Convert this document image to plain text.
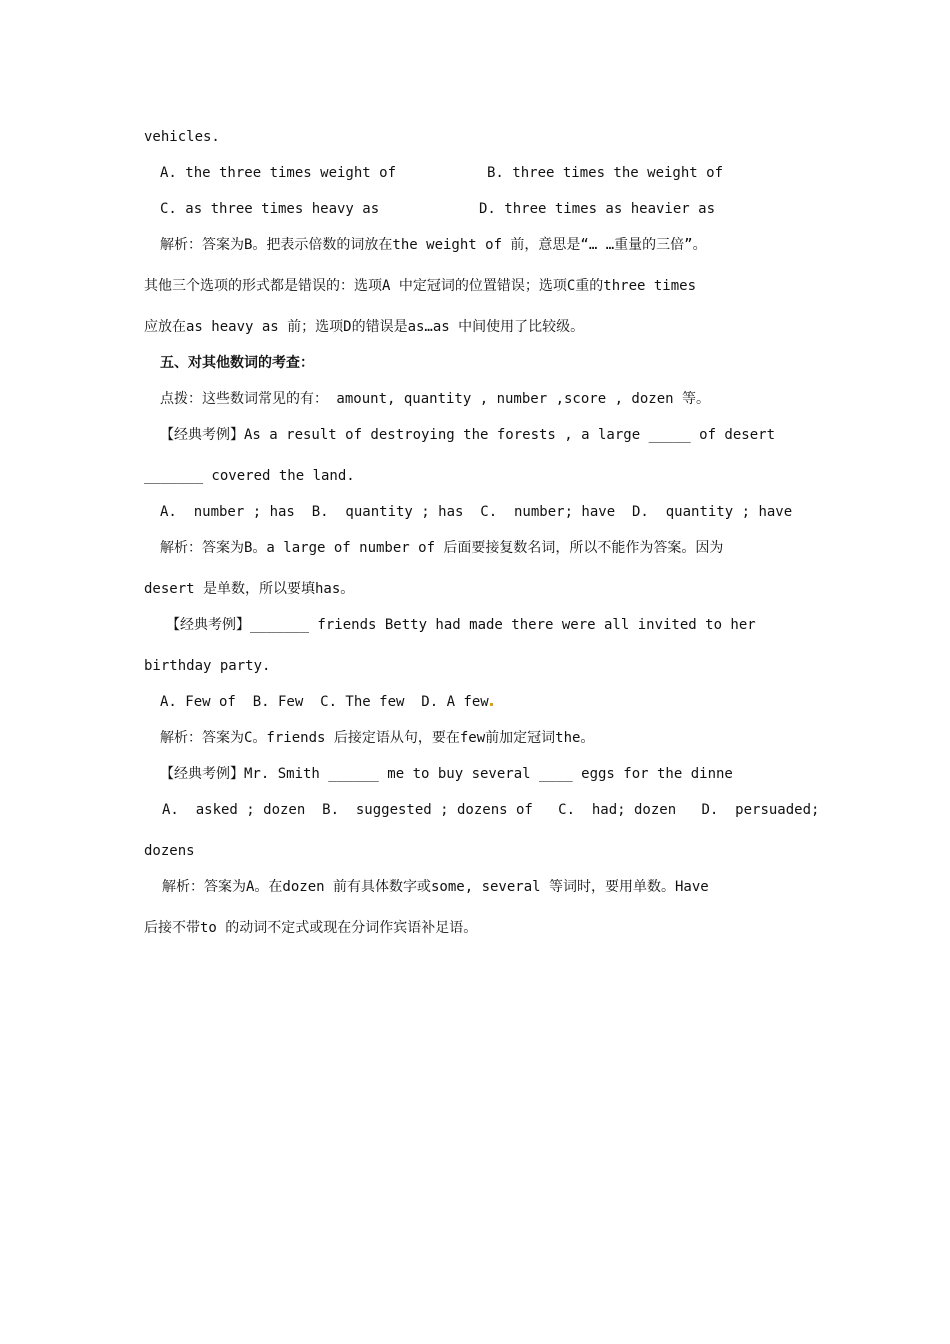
vehicles.
A. the three times weight of	B. three times the weight of
C. as three times heavy as	D. three times as heavier as
解析：答案为B。把表示倍数的词放在the weight of 前，意思是“… …重量的三倍”。
其他三个选项的形式都是错误的：选项A 中定冠词的位置错误；选项C重的three times
应放在as heavy as 前；选项D的错误是as…as 中间使用了比较级。
五、对其他数词的考查：
点拨：这些数词常见的有： amount, quantity , number ,score , dozen 等。
【经典考例】As a result of destroying the forests , a large _____ of desert
_______ covered the land.
A.  number ; has  B.  quantity ; has  C.  number; have  D.  quantity ; have
解析：答案为B。a large of number of 后面要接复数名词，所以不能作为答案。因为
desert 是单数，所以要填has。
【经典考例】_______ friends Betty had made there were all invited to her
birthday party.
A. Few of  B. Few  C. The few  D. A few
解析：答案为C。friends 后接定语从句，要在few前加定冠词the。
【经典考例】Mr. Smith ______ me to buy several ____ eggs for the dinne
A.  asked ; dozen  B.  suggested ; dozens of   C.  had; dozen   D.  persuaded;
dozens
解析：答案为A。在dozen 前有具体数字或some, several 等词时，要用单数。Have
后接不带to 的动词不定式或现在分词作宾语补足语。
